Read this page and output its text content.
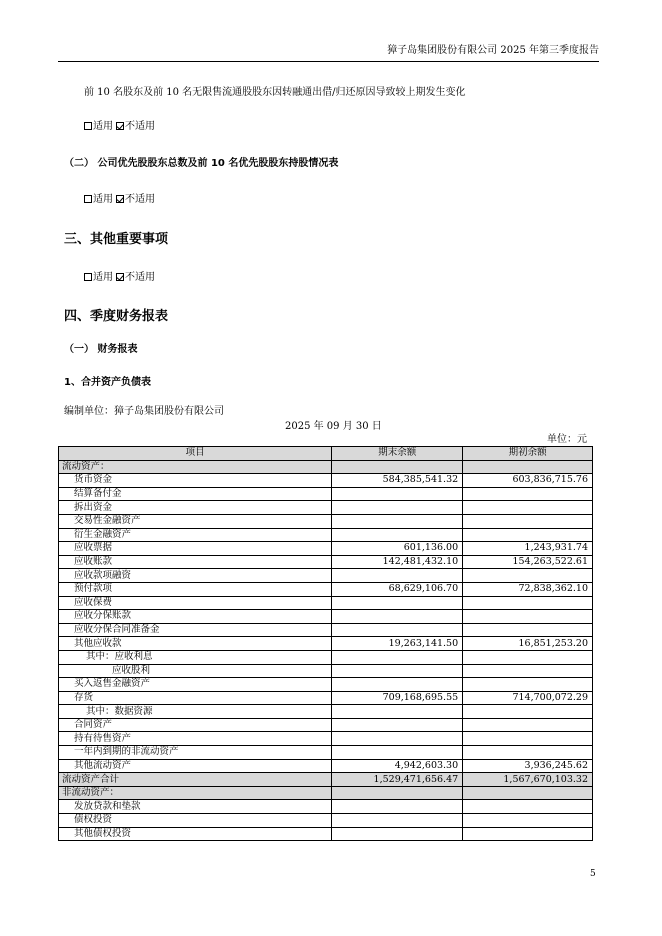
獐子岛集团股份有限公司 2025 年第三季度报告
前 10 名股东及前 10 名无限售流通股股东因转融通出借/归还原因导致较上期发生变化
适用 不适用
（二） 公司优先股股东总数及前 10 名优先股股东持股情况表
适用 不适用
三、其他重要事项
适用 不适用
四、季度财务报表
（一） 财务报表
1、合并资产负债表
编制单位：獐子岛集团股份有限公司
2025 年 09 月 30 日
单位：元
项目	期末余额	期初余额
流动资产：		
货币资金	584,385,541.32	603,836,715.76
结算备付金		
拆出资金		
交易性金融资产		
衍生金融资产		
应收票据	601,136.00	1,243,931.74
应收账款	142,481,432.10	154,263,522.61
应收款项融资		
预付款项	68,629,106.70	72,838,362.10
应收保费		
应收分保账款		
应收分保合同准备金		
其他应收款	19,263,141.50	16,851,253.20
其中：应收利息		
应收股利		
买入返售金融资产		
存货	709,168,695.55	714,700,072.29
其中：数据资源		
合同资产		
持有待售资产		
一年内到期的非流动资产		
其他流动资产	4,942,603.30	3,936,245.62
流动资产合计	1,529,471,656.47	1,567,670,103.32
非流动资产：		
发放贷款和垫款		
债权投资		
其他债权投资		
5
